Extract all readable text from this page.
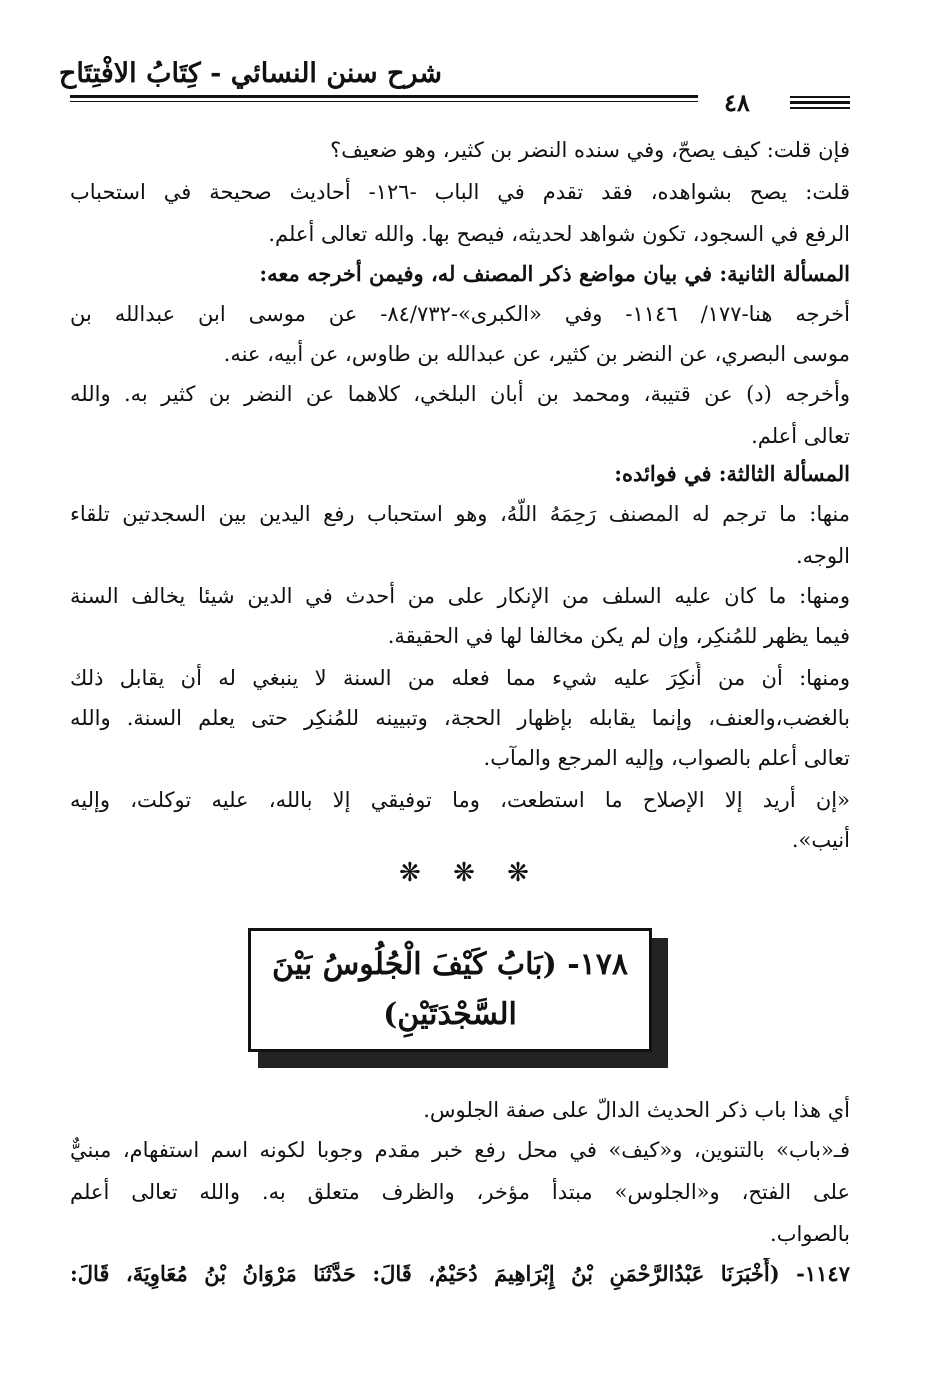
شرح سنن النسائي - كِتَابُ الافْتِتَاح
٤٨
فإن قلت: كيف يصحّ، وفي سنده النضر بن كثير، وهو ضعيف؟
قلت: يصح بشواهده، فقد تقدم في الباب -١٢٦- أحاديث صحيحة في استحباب
الرفع في السجود، تكون شواهد لحديثه، فيصح بها. والله تعالى أعلم.
المسألة الثانية: في بيان مواضع ذكر المصنف له، وفيمن أخرجه معه:
أخرجه هنا-١٧٧/ ١١٤٦- وفي «الكبرى»-٨٤/٧٣٢- عن موسى ابن عبدالله بن
موسى البصري، عن النضر بن كثير، عن عبدالله بن طاوس، عن أبيه، عنه.
وأخرجه (د) عن قتيبة، ومحمد بن أبان البلخي، كلاهما عن النضر بن كثير به. والله
تعالى أعلم.
المسألة الثالثة: في فوائده:
منها: ما ترجم له المصنف رَحِمَهُ اللَّهُ، وهو استحباب رفع اليدين بين السجدتين تلقاء
الوجه.
ومنها: ما كان عليه السلف من الإنكار على من أحدث في الدين شيئا يخالف السنة
فيما يظهر للمُنكِر، وإن لم يكن مخالفا لها في الحقيقة.
ومنها: أن من أُنكِرَ عليه شيء مما فعله من السنة لا ينبغي له أن يقابل ذلك
بالغضب،والعنف، وإنما يقابله بإظهار الحجة، وتبيينه للمُنكِر حتى يعلم السنة. والله
تعالى أعلم بالصواب، وإليه المرجع والمآب.
«إن أريد إلا الإصلاح ما استطعت، وما توفيقي إلا بالله، عليه توكلت، وإليه
أنيب».
❋ ❋ ❋
١٧٨- (بَابُ كَيْفَ الْجُلُوسُ بَيْنَ
السَّجْدَتَيْنِ)
أي هذا باب ذكر الحديث الدالّ على صفة الجلوس.
فـ«باب» بالتنوين، و«كيف» في محل رفع خبر مقدم وجوبا لكونه اسم استفهام، مبنيٌّ
على الفتح، و«الجلوس» مبتدأ مؤخر، والظرف متعلق به. والله تعالى أعلم
بالصواب.
١١٤٧- (أَخْبَرَنَا عَبْدُالرَّحْمَنِ بْنُ إِبْرَاهِيمَ دُحَيْمٌ، قَالَ: حَدَّثَنَا مَرْوَانُ بْنُ مُعَاوِيَةَ، قَالَ:
